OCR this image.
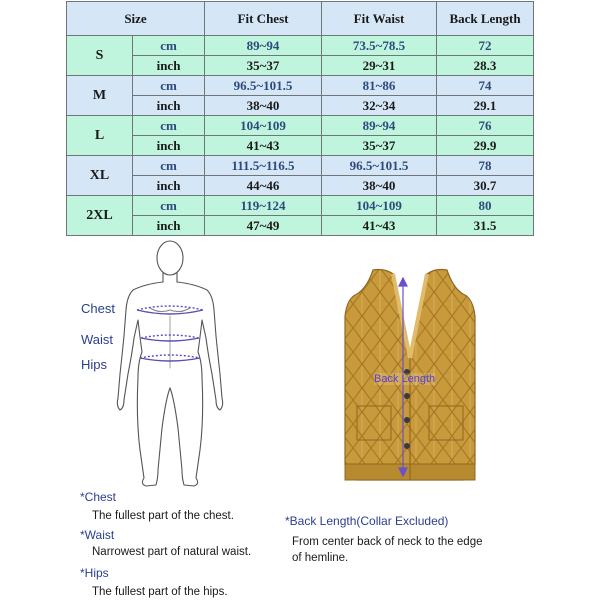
Size		Fit Chest	Fit Waist	Back Length
S	cm	89~94	73.5~78.5	72
	inch	35~37	29~31	28.3
M	cm	96.5~101.5	81~86	74
	inch	38~40	32~34	29.1
L	cm	104~109	89~94	76
	inch	41~43	35~37	29.9
XL	cm	111.5~116.5	96.5~101.5	78
	inch	44~46	38~40	30.7
2XL	cm	119~124	104~109	80
	inch	47~49	41~43	31.5
Chest
Waist
Hips
Back Length
*Chest
The fullest part of the chest.
*Waist
Narrowest part of natural waist.
*Hips
The fullest part of the hips.
*Back Length(Collar Excluded)
From center back of neck to the edge
of hemline.
